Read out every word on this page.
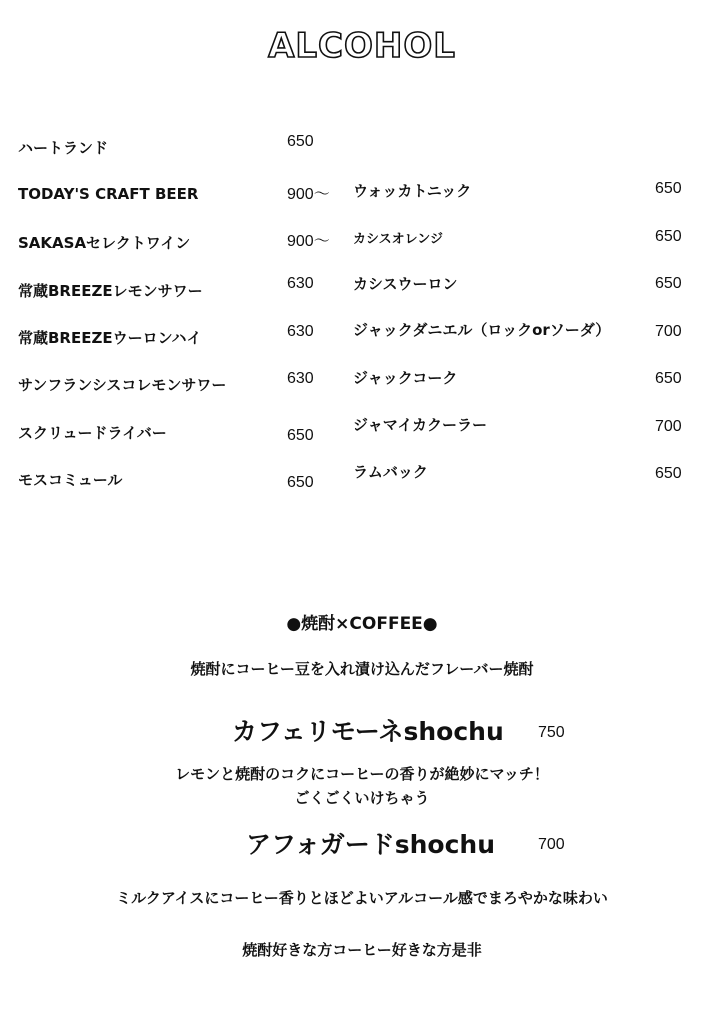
ALCOHOL
ハートランド	650
TODAY'S CRAFT BEER	900〜
SAKASAセレクトワイン	900〜
常蔵BREEZEレモンサワー	630
常蔵BREEZEウーロンハイ	630
サンフランシスコレモンサワー	630
スクリュードライバー	650
モスコミュール	650
ウォッカトニック	650
カシスオレンジ	650
カシスウーロン	650
ジャックダニエル（ロックorソーダ）	700
ジャックコーク	650
ジャマイカクーラー	700
ラムバック	650
●焼酎×COFFEE●
焼酎にコーヒー豆を入れ漬け込んだフレーバー焼酎
カフェリモーネshochu 750
レモンと焼酎のコクにコーヒーの香りが絶妙にマッチ！
ごくごくいけちゃう
アフォガードshochu	700
ミルクアイスにコーヒー香りとほどよいアルコール感でまろやかな味わい
焼酎好きな方コーヒー好きな方是非
